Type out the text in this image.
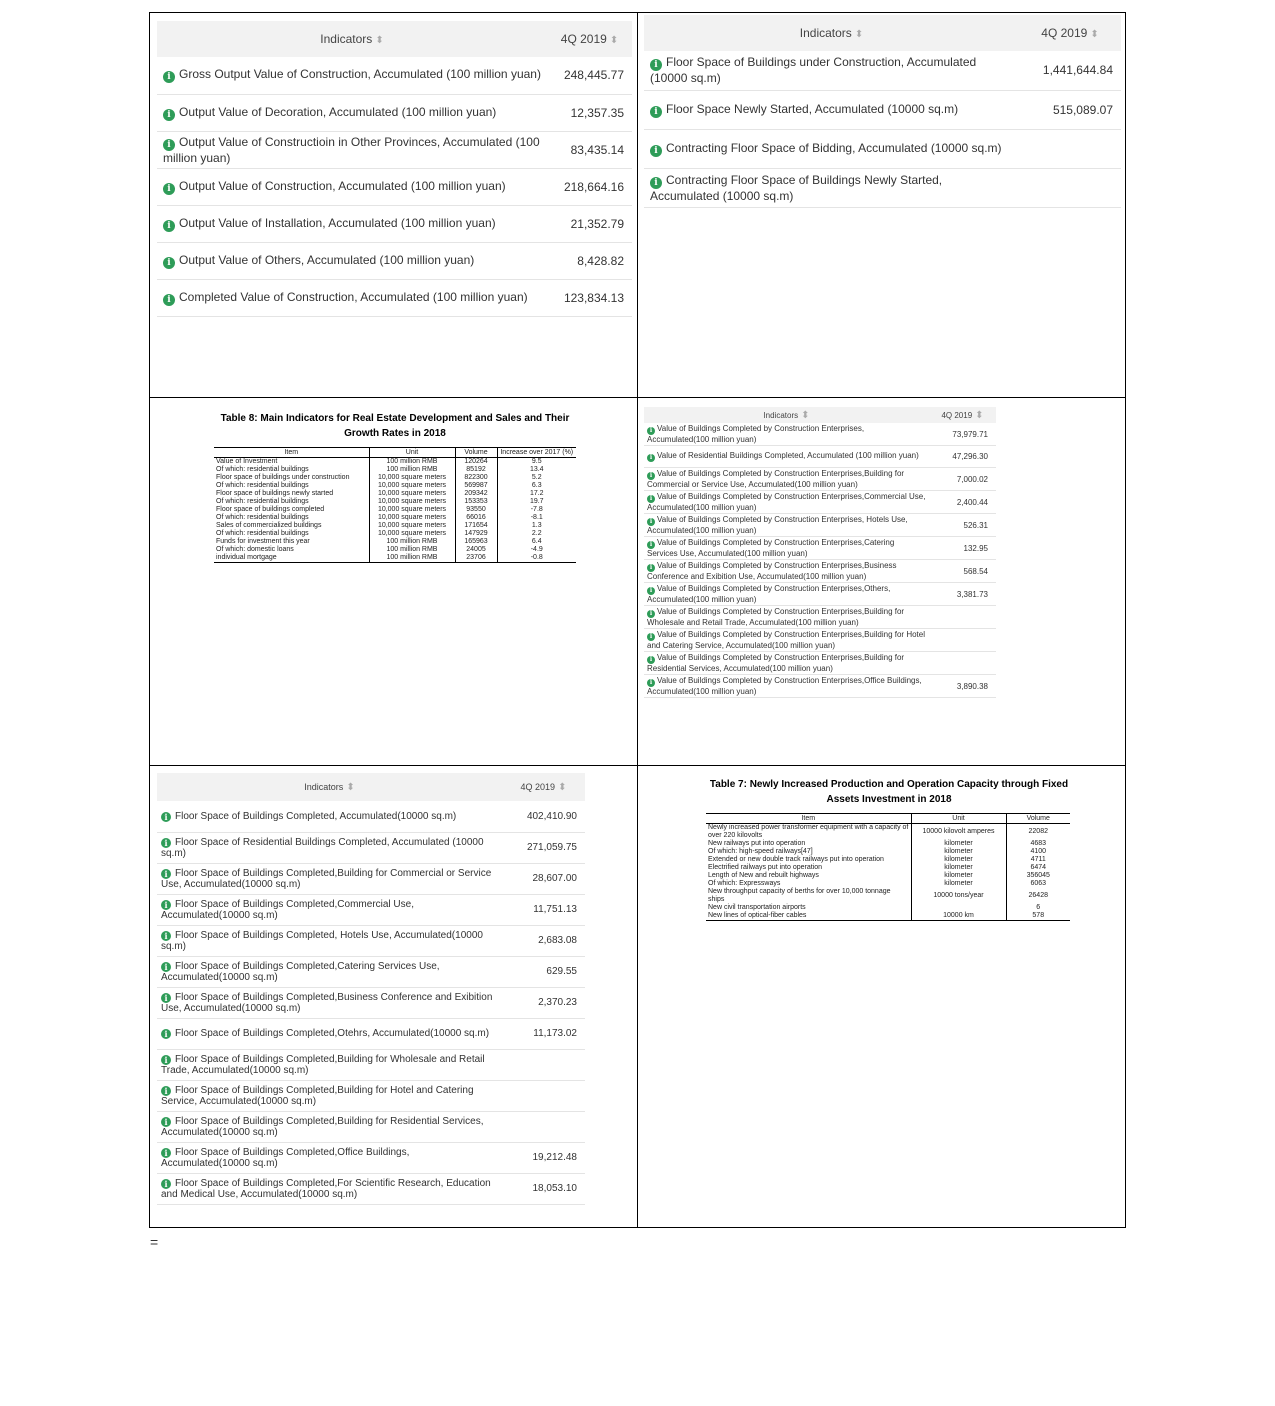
Indicators ⬍	4Q 2019 ⬍
i Gross Output Value of Construction, Accumulated (100 million yuan)	248,445.77
i Output Value of Decoration, Accumulated (100 million yuan)	12,357.35
i Output Value of Constructioin in Other Provinces, Accumulated (100 million yuan)	83,435.14
i Output Value of Construction, Accumulated (100 million yuan)	218,664.16
i Output Value of Installation, Accumulated (100 million yuan)	21,352.79
i Output Value of Others, Accumulated (100 million yuan)	8,428.82
i Completed Value of Construction, Accumulated (100 million yuan)	123,834.13
Indicators ⬍	4Q 2019 ⬍
i Floor Space of Buildings under Construction, Accumulated (10000 sq.m)	1,441,644.84
i Floor Space Newly Started, Accumulated (10000 sq.m)	515,089.07
i Contracting Floor Space of Bidding, Accumulated (10000 sq.m)	
i Contracting Floor Space of Buildings Newly Started, Accumulated (10000 sq.m)	
Table 8: Main Indicators for Real Estate Development and Sales and Their Growth Rates in 2018
Item	Unit	Volume	Increase over 2017 (%)
Value of Investment	100 million RMB	120264	9.5
Of which: residential buildings	100 million RMB	85192	13.4
Floor space of buildings under construction	10,000 square meters	822300	5.2
Of which: residential buildings	10,000 square meters	569987	6.3
Floor space of buildings newly started	10,000 square meters	209342	17.2
Of which: residential buildings	10,000 square meters	153353	19.7
Floor space of buildings completed	10,000 square meters	93550	-7.8
Of which: residential buildings	10,000 square meters	66016	-8.1
Sales of commercialized buildings	10,000 square meters	171654	1.3
Of which: residential buildings	10,000 square meters	147929	2.2
Funds for investment this year	100 million RMB	165963	6.4
Of which: domestic loans	100 million RMB	24005	-4.9
individual mortgage	100 million RMB	23706	-0.8
Indicators ⬍	4Q 2019 ⬍
i Value of Buildings Completed by Construction Enterprises, Accumulated(100 million yuan)	73,979.71
i Value of Residential Buildings Completed, Accumulated (100 million yuan)	47,296.30
i Value of Buildings Completed by Construction Enterprises,Building for Commercial or Service Use, Accumulated(100 million yuan)	7,000.02
i Value of Buildings Completed by Construction Enterprises,Commercial Use, Accumulated(100 million yuan)	2,400.44
i Value of Buildings Completed by Construction Enterprises, Hotels Use, Accumulated(100 million yuan)	526.31
i Value of Buildings Completed by Construction Enterprises,Catering Services Use, Accumulated(100 million yuan)	132.95
i Value of Buildings Completed by Construction Enterprises,Business Conference and Exibition Use, Accumulated(100 million yuan)	568.54
i Value of Buildings Completed by Construction Enterprises,Others, Accumulated(100 million yuan)	3,381.73
i Value of Buildings Completed by Construction Enterprises,Building for Wholesale and Retail Trade, Accumulated(100 million yuan)	
i Value of Buildings Completed by Construction Enterprises,Building for Hotel and Catering Service, Accumulated(100 million yuan)	
i Value of Buildings Completed by Construction Enterprises,Building for Residential Services, Accumulated(100 million yuan)	
i Value of Buildings Completed by Construction Enterprises,Office Buildings, Accumulated(100 million yuan)	3,890.38
Indicators ⬍	4Q 2019 ⬍
i Floor Space of Buildings Completed, Accumulated(10000 sq.m)	402,410.90
i Floor Space of Residential Buildings Completed, Accumulated (10000 sq.m)	271,059.75
i Floor Space of Buildings Completed,Building for Commercial or Service Use, Accumulated(10000 sq.m)	28,607.00
i Floor Space of Buildings Completed,Commercial Use, Accumulated(10000 sq.m)	11,751.13
i Floor Space of Buildings Completed, Hotels Use, Accumulated(10000 sq.m)	2,683.08
i Floor Space of Buildings Completed,Catering Services Use, Accumulated(10000 sq.m)	629.55
i Floor Space of Buildings Completed,Business Conference and Exibition Use, Accumulated(10000 sq.m)	2,370.23
i Floor Space of Buildings Completed,Otehrs, Accumulated(10000 sq.m)	11,173.02
i Floor Space of Buildings Completed,Building for Wholesale and Retail Trade, Accumulated(10000 sq.m)	
i Floor Space of Buildings Completed,Building for Hotel and Catering Service, Accumulated(10000 sq.m)	
i Floor Space of Buildings Completed,Building for Residential Services, Accumulated(10000 sq.m)	
i Floor Space of Buildings Completed,Office Buildings, Accumulated(10000 sq.m)	19,212.48
i Floor Space of Buildings Completed,For Scientific Research, Education and Medical Use, Accumulated(10000 sq.m)	18,053.10
Table 7: Newly Increased Production and Operation Capacity through Fixed Assets Investment in 2018
Item	Unit	Volume
Newly increased power transformer equipment with a capacity of over 220 kilovolts	10000 kilovolt amperes	22082
New railways put into operation	kilometer	4683
Of which: high-speed railways[47]	kilometer	4100
Extended or new double track railways put into operation	kilometer	4711
Electrified railways put into operation	kilometer	6474
Length of New and rebuilt highways	kilometer	356045
Of which: Expressways	kilometer	6063
New throughput capacity of berths for over 10,000 tonnage ships	10000 tons/year	26428
New civil transportation airports		6
New lines of optical-fiber cables	10000 km	578
=
